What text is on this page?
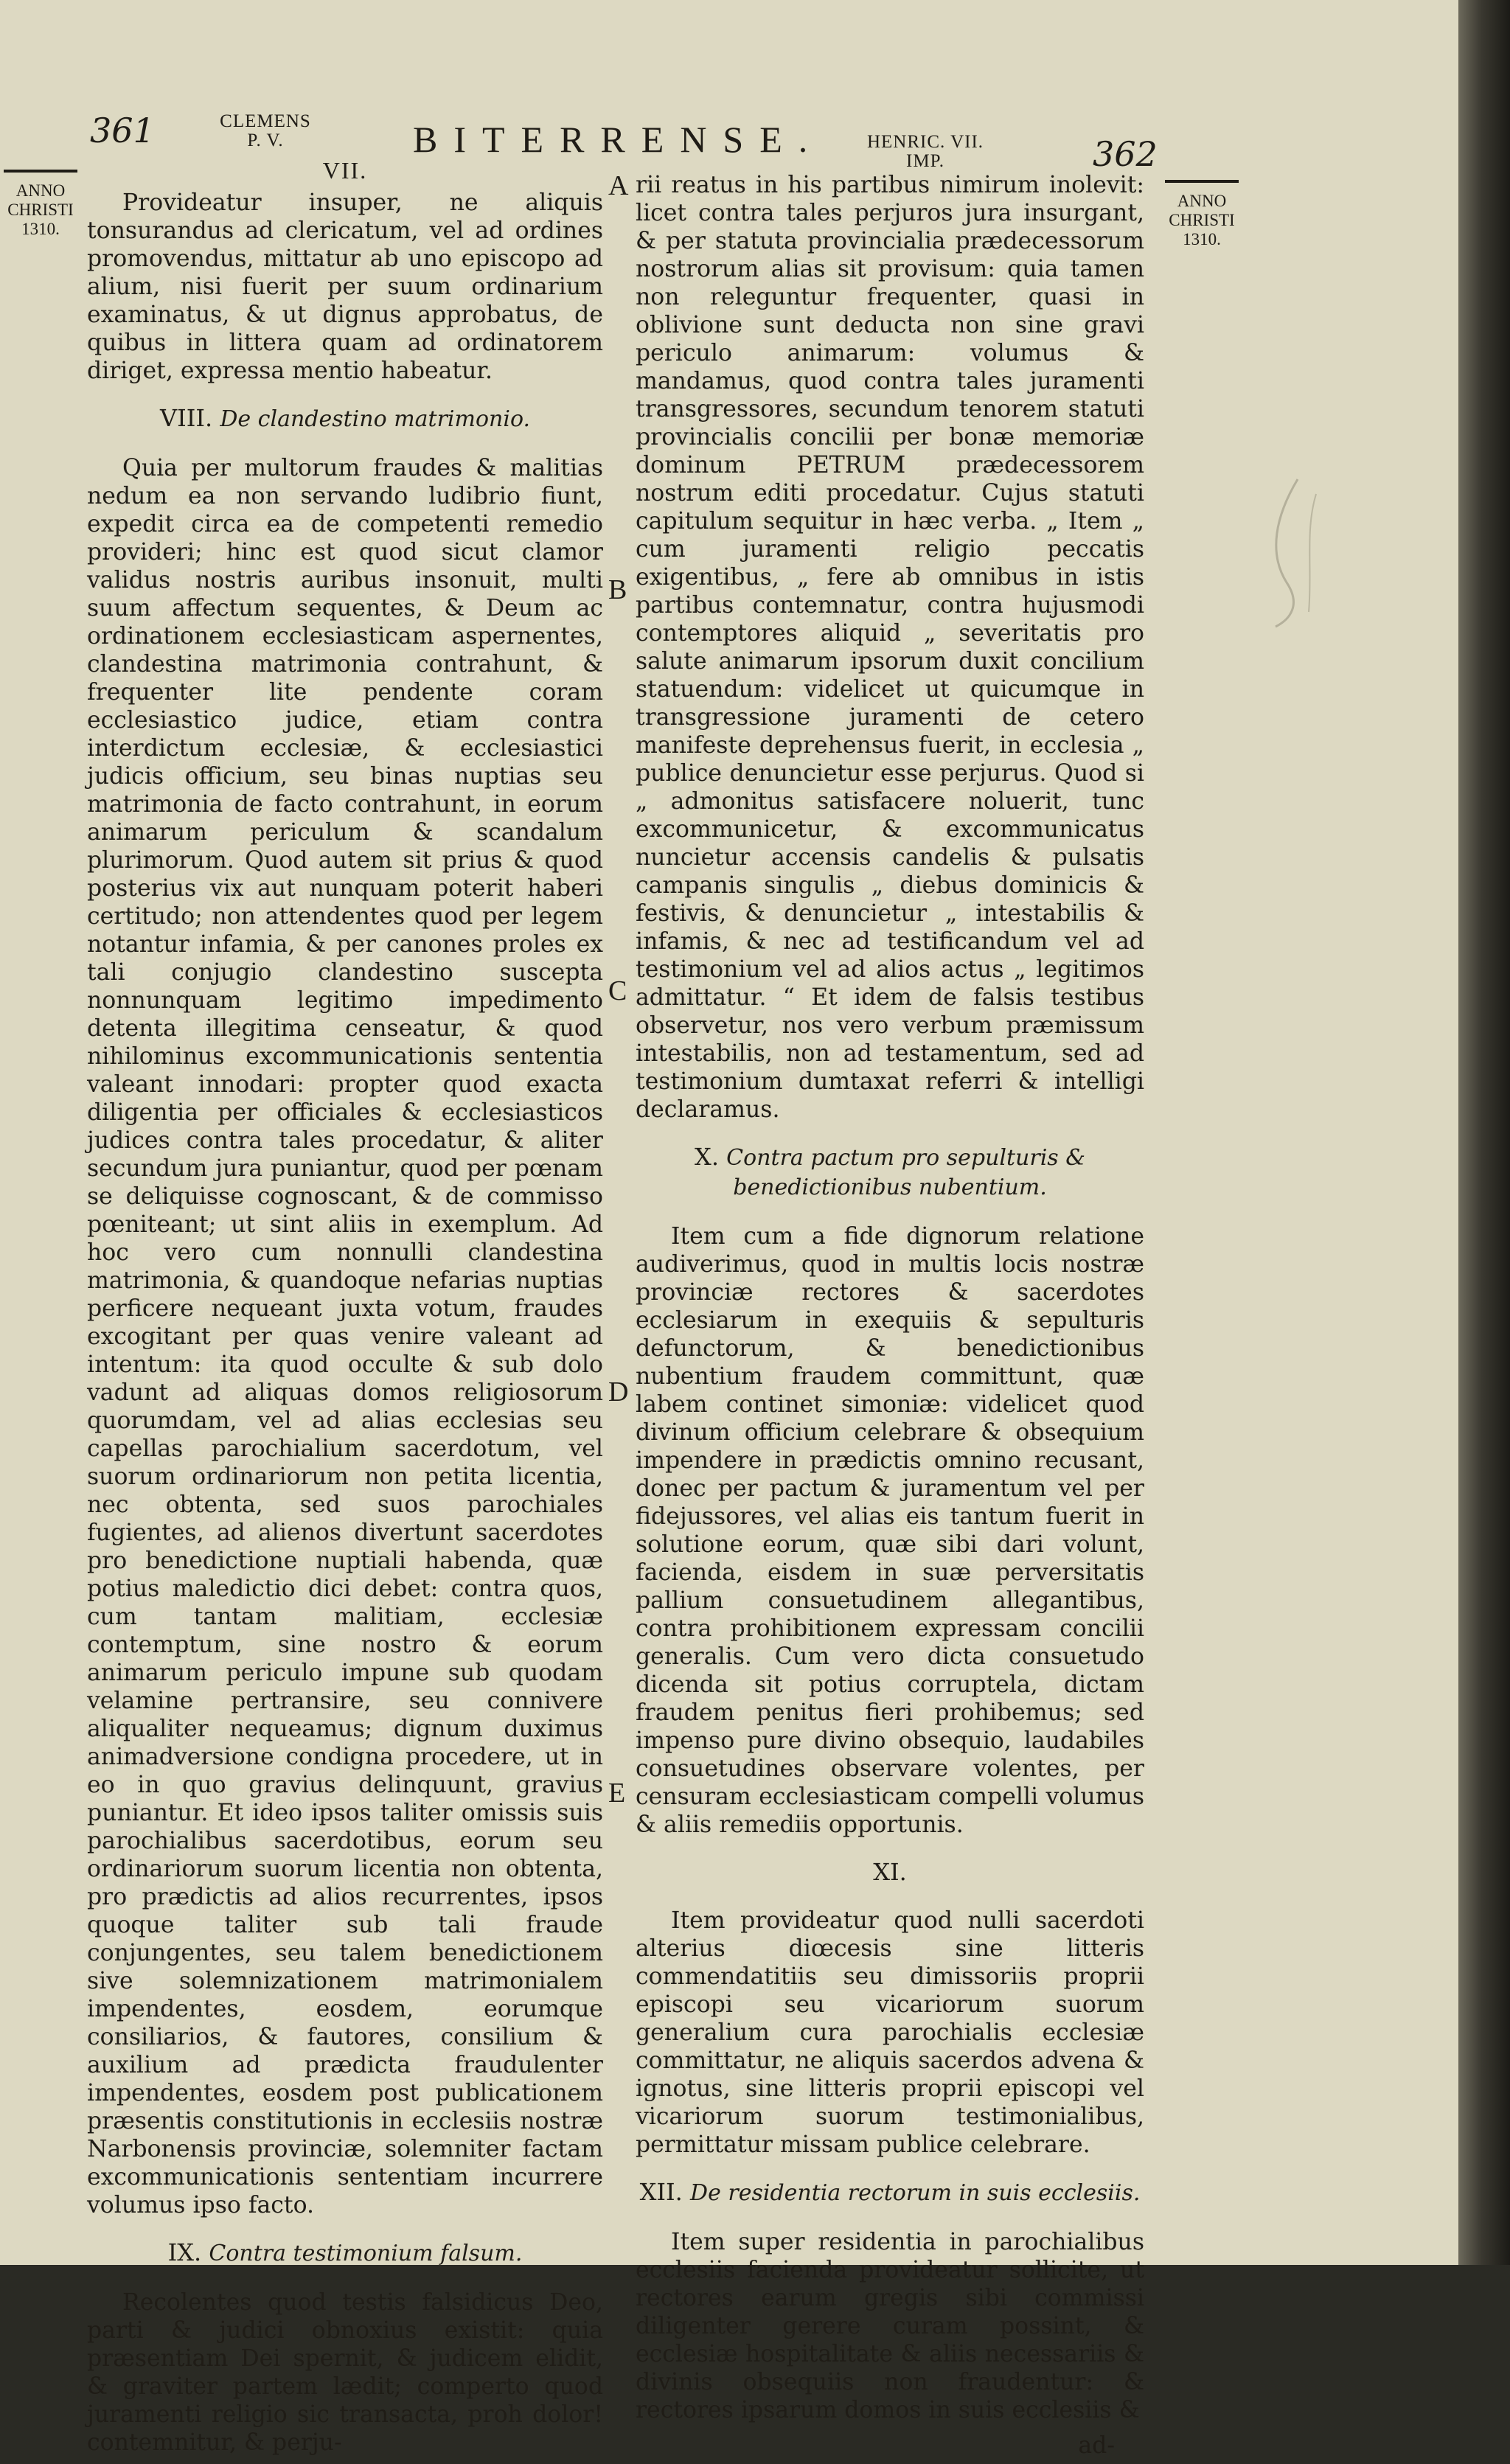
361	CLEMENS
P. V.	BITERRENSE. HENRIC. VII.
IMP.	362
ANNO
CHRISTI
1310.
ANNO
CHRISTI
1310.
A
B
C
D
E
VII.

Provideatur insuper, ne aliquis tonsurandus ad clericatum, vel ad ordines promovendus, mittatur ab uno episcopo ad alium, nisi fuerit per suum ordinarium examinatus, & ut dignus approbatus, de quibus in littera quam ad ordinatorem diriget, expressa mentio habeatur.

VIII. De clandestino matrimonio.

Quia per multorum fraudes & malitias nedum ea non servando ludibrio fiunt, expedit circa ea de competenti remedio provideri; hinc est quod sicut clamor validus nostris auribus insonuit, multi suum affectum sequentes, & Deum ac ordinationem ecclesiasticam aspernentes, clandestina matrimonia contrahunt, & frequenter lite pendente coram ecclesiastico judice, etiam contra interdictum ecclesiæ, & ecclesiastici judicis officium, seu binas nuptias seu matrimonia de facto contrahunt, in eorum animarum periculum & scandalum plurimorum. Quod autem sit prius & quod posterius vix aut nunquam poterit haberi certitudo; non attendentes quod per legem notantur infamia, & per canones proles ex tali conjugio clandestino suscepta nonnunquam legitimo impedimento detenta illegitima censeatur, & quod nihilominus excommunicationis sententia valeant innodari: propter quod exacta diligentia per officiales & ecclesiasticos judices contra tales procedatur, & aliter secundum jura puniantur, quod per pœnam se deliquisse cognoscant, & de commisso pœniteant; ut sint aliis in exemplum. Ad hoc vero cum nonnulli clandestina matrimonia, & quandoque nefarias nuptias perficere nequeant juxta votum, fraudes excogitant per quas venire valeant ad intentum: ita quod occulte & sub dolo vadunt ad aliquas domos religiosorum quorumdam, vel ad alias ecclesias seu capellas parochialium sacerdotum, vel suorum ordinariorum non petita licentia, nec obtenta, sed suos parochiales fugientes, ad alienos divertunt sacerdotes pro benedictione nuptiali habenda, quæ potius maledictio dici debet: contra quos, cum tantam malitiam, ecclesiæ contemptum, sine nostro & eorum animarum periculo impune sub quodam velamine pertransire, seu connivere aliqualiter nequeamus; dignum duximus animadversione condigna procedere, ut in eo in quo gravius delinquunt, gravius puniantur. Et ideo ipsos taliter omissis suis parochialibus sacerdotibus, eorum seu ordinariorum suorum licentia non obtenta, pro prædictis ad alios recurrentes, ipsos quoque taliter sub tali fraude conjungentes, seu talem benedictionem sive solemnizationem matrimonialem impendentes, eosdem, eorumque consiliarios, & fautores, consilium & auxilium ad prædicta fraudulenter impendentes, eosdem post publicationem præsentis constitutionis in ecclesiis nostræ Narbonensis provinciæ, solemniter factam excommunicationis sententiam incurrere volumus ipso facto.

IX. Contra testimonium falsum.

Recolentes quod testis falsidicus Deo, parti & judici obnoxius existit: quia præsentiam Dei spernit, & judicem elidit, & graviter partem lædit; comperto quod juramenti religio sic transacta, proh dolor! contemnitur, & perju-

rii reatus in his partibus nimirum inolevit: licet contra tales perjuros jura insurgant, & per statuta provincialia prædecessorum nostrorum alias sit provisum: quia tamen non releguntur frequenter, quasi in oblivione sunt deducta non sine gravi periculo animarum: volumus & mandamus, quod contra tales juramenti transgressores, secundum tenorem statuti provincialis concilii per bonæ memoriæ dominum PETRUM prædecessorem nostrum editi procedatur. Cujus statuti capitulum sequitur in hæc verba. „ Item „ cum juramenti religio peccatis exigentibus, „ fere ab omnibus in istis partibus contemnatur, contra hujusmodi contemptores aliquid „ severitatis pro salute animarum ipsorum duxit concilium statuendum: videlicet ut quicumque in transgressione juramenti de cetero manifeste deprehensus fuerit, in ecclesia „ publice denuncietur esse perjurus. Quod si „ admonitus satisfacere noluerit, tunc excommunicetur, & excommunicatus nuncietur accensis candelis & pulsatis campanis singulis „ diebus dominicis & festivis, & denuncietur „ intestabilis & infamis, & nec ad testificandum vel ad testimonium vel ad alios actus „ legitimos admittatur. “ Et idem de falsis testibus observetur, nos vero verbum præmissum intestabilis, non ad testamentum, sed ad testimonium dumtaxat referri & intelligi declaramus.

X. Contra pactum pro sepulturis & benedictionibus nubentium.

Item cum a fide dignorum relatione audiverimus, quod in multis locis nostræ provinciæ rectores & sacerdotes ecclesiarum in exequiis & sepulturis defunctorum, & benedictionibus nubentium fraudem committunt, quæ labem continet simoniæ: videlicet quod divinum officium celebrare & obsequium impendere in prædictis omnino recusant, donec per pactum & juramentum vel per fidejussores, vel alias eis tantum fuerit in solutione eorum, quæ sibi dari volunt, facienda, eisdem in suæ perversitatis pallium consuetudinem allegantibus, contra prohibitionem expressam concilii generalis. Cum vero dicta consuetudo dicenda sit potius corruptela, dictam fraudem penitus fieri prohibemus; sed impenso pure divino obsequio, laudabiles consuetudines observare volentes, per censuram ecclesiasticam compelli volumus & aliis remediis opportunis.

XI.

Item provideatur quod nulli sacerdoti alterius diœcesis sine litteris commendatitiis seu dimissoriis proprii episcopi seu vicariorum suorum generalium cura parochialis ecclesiæ committatur, ne aliquis sacerdos advena & ignotus, sine litteris proprii episcopi vel vicariorum suorum testimonialibus, permittatur missam publice celebrare.

XII. De residentia rectorum in suis ecclesiis.

Item super residentia in parochialibus ecclesiis facienda provideatur sollicite, ut rectores earum gregis sibi commissi diligenter gerere curam possint, & ecclesiæ hospitalitate & aliis necessariis & divinis obsequiis non fraudentur: & rectores ipsarum domos in suis ecclesiis &

ad-
